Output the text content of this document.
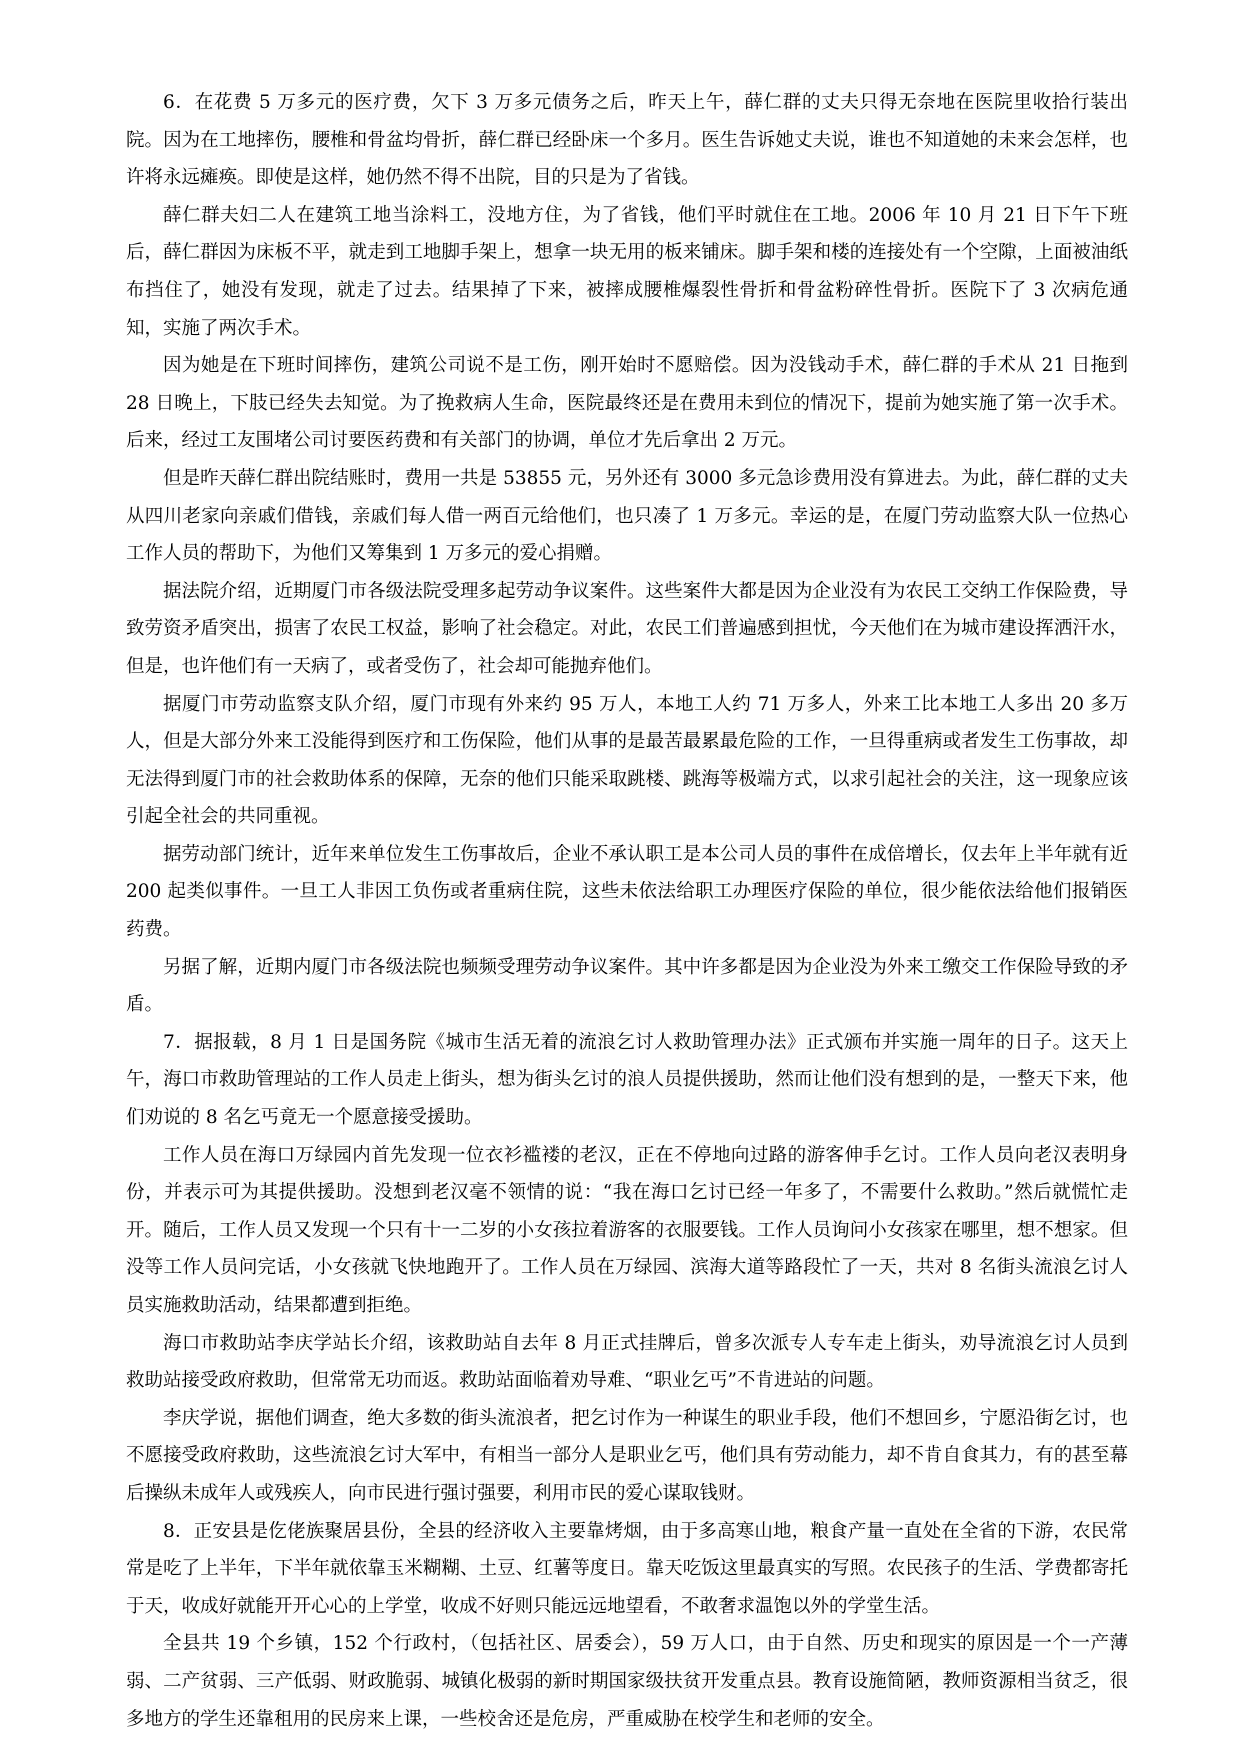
6．在花费 5 万多元的医疗费，欠下 3 万多元债务之后，昨天上午，薛仁群的丈夫只得无奈地在医院里收拾行装出院。因为在工地摔伤，腰椎和骨盆均骨折，薛仁群已经卧床一个多月。医生告诉她丈夫说，谁也不知道她的未来会怎样，也许将永远瘫痪。即使是这样，她仍然不得不出院，目的只是为了省钱。

薛仁群夫妇二人在建筑工地当涂料工，没地方住，为了省钱，他们平时就住在工地。2006 年 10 月 21 日下午下班后，薛仁群因为床板不平，就走到工地脚手架上，想拿一块无用的板来铺床。脚手架和楼的连接处有一个空隙，上面被油纸布挡住了，她没有发现，就走了过去。结果掉了下来，被摔成腰椎爆裂性骨折和骨盆粉碎性骨折。医院下了 3 次病危通知，实施了两次手术。

因为她是在下班时间摔伤，建筑公司说不是工伤，刚开始时不愿赔偿。因为没钱动手术，薛仁群的手术从 21 日拖到 28 日晚上，下肢已经失去知觉。为了挽救病人生命，医院最终还是在费用未到位的情况下，提前为她实施了第一次手术。后来，经过工友围堵公司讨要医药费和有关部门的协调，单位才先后拿出 2 万元。

但是昨天薛仁群出院结账时，费用一共是 53855 元，另外还有 3000 多元急诊费用没有算进去。为此，薛仁群的丈夫从四川老家向亲戚们借钱，亲戚们每人借一两百元给他们，也只凑了 1 万多元。幸运的是，在厦门劳动监察大队一位热心工作人员的帮助下，为他们又筹集到 1 万多元的爱心捐赠。

据法院介绍，近期厦门市各级法院受理多起劳动争议案件。这些案件大都是因为企业没有为农民工交纳工作保险费，导致劳资矛盾突出，损害了农民工权益，影响了社会稳定。对此，农民工们普遍感到担忧，今天他们在为城市建设挥洒汗水，但是，也许他们有一天病了，或者受伤了，社会却可能抛弃他们。

据厦门市劳动监察支队介绍，厦门市现有外来约 95 万人，本地工人约 71 万多人，外来工比本地工人多出 20 多万人，但是大部分外来工没能得到医疗和工伤保险，他们从事的是最苦最累最危险的工作，一旦得重病或者发生工伤事故，却无法得到厦门市的社会救助体系的保障，无奈的他们只能采取跳楼、跳海等极端方式，以求引起社会的关注，这一现象应该引起全社会的共同重视。

据劳动部门统计，近年来单位发生工伤事故后，企业不承认职工是本公司人员的事件在成倍增长，仅去年上半年就有近 200 起类似事件。一旦工人非因工负伤或者重病住院，这些未依法给职工办理医疗保险的单位，很少能依法给他们报销医药费。

另据了解，近期内厦门市各级法院也频频受理劳动争议案件。其中许多都是因为企业没为外来工缴交工作保险导致的矛盾。

7．据报载，8 月 1 日是国务院《城市生活无着的流浪乞讨人救助管理办法》正式颁布并实施一周年的日子。这天上午，海口市救助管理站的工作人员走上街头，想为街头乞讨的浪人员提供援助，然而让他们没有想到的是，一整天下来，他们劝说的 8 名乞丐竟无一个愿意接受援助。

工作人员在海口万绿园内首先发现一位衣衫褴褛的老汉，正在不停地向过路的游客伸手乞讨。工作人员向老汉表明身份，并表示可为其提供援助。没想到老汉毫不领情的说：“我在海口乞讨已经一年多了，不需要什么救助。”然后就慌忙走开。随后，工作人员又发现一个只有十一二岁的小女孩拉着游客的衣服要钱。工作人员询问小女孩家在哪里，想不想家。但没等工作人员问完话，小女孩就飞快地跑开了。工作人员在万绿园、滨海大道等路段忙了一天，共对 8 名街头流浪乞讨人员实施救助活动，结果都遭到拒绝。

海口市救助站李庆学站长介绍，该救助站自去年 8 月正式挂牌后，曾多次派专人专车走上街头，劝导流浪乞讨人员到救助站接受政府救助，但常常无功而返。救助站面临着劝导难、“职业乞丐”不肯进站的问题。

李庆学说，据他们调查，绝大多数的街头流浪者，把乞讨作为一种谋生的职业手段，他们不想回乡，宁愿沿街乞讨，也不愿接受政府救助，这些流浪乞讨大军中，有相当一部分人是职业乞丐，他们具有劳动能力，却不肯自食其力，有的甚至幕后操纵未成年人或残疾人，向市民进行强讨强要，利用市民的爱心谋取钱财。

8．正安县是仡佬族聚居县份，全县的经济收入主要靠烤烟，由于多高寒山地，粮食产量一直处在全省的下游，农民常常是吃了上半年，下半年就依靠玉米糊糊、土豆、红薯等度日。靠天吃饭这里最真实的写照。农民孩子的生活、学费都寄托于天，收成好就能开开心心的上学堂，收成不好则只能远远地望看，不敢奢求温饱以外的学堂生活。

全县共 19 个乡镇，152 个行政村，（包括社区、居委会），59 万人口，由于自然、历史和现实的原因是一个一产薄弱、二产贫弱、三产低弱、财政脆弱、城镇化极弱的新时期国家级扶贫开发重点县。教育设施简陋，教师资源相当贫乏，很多地方的学生还靠租用的民房来上课，一些校舍还是危房，严重威胁在校学生和老师的安全。
